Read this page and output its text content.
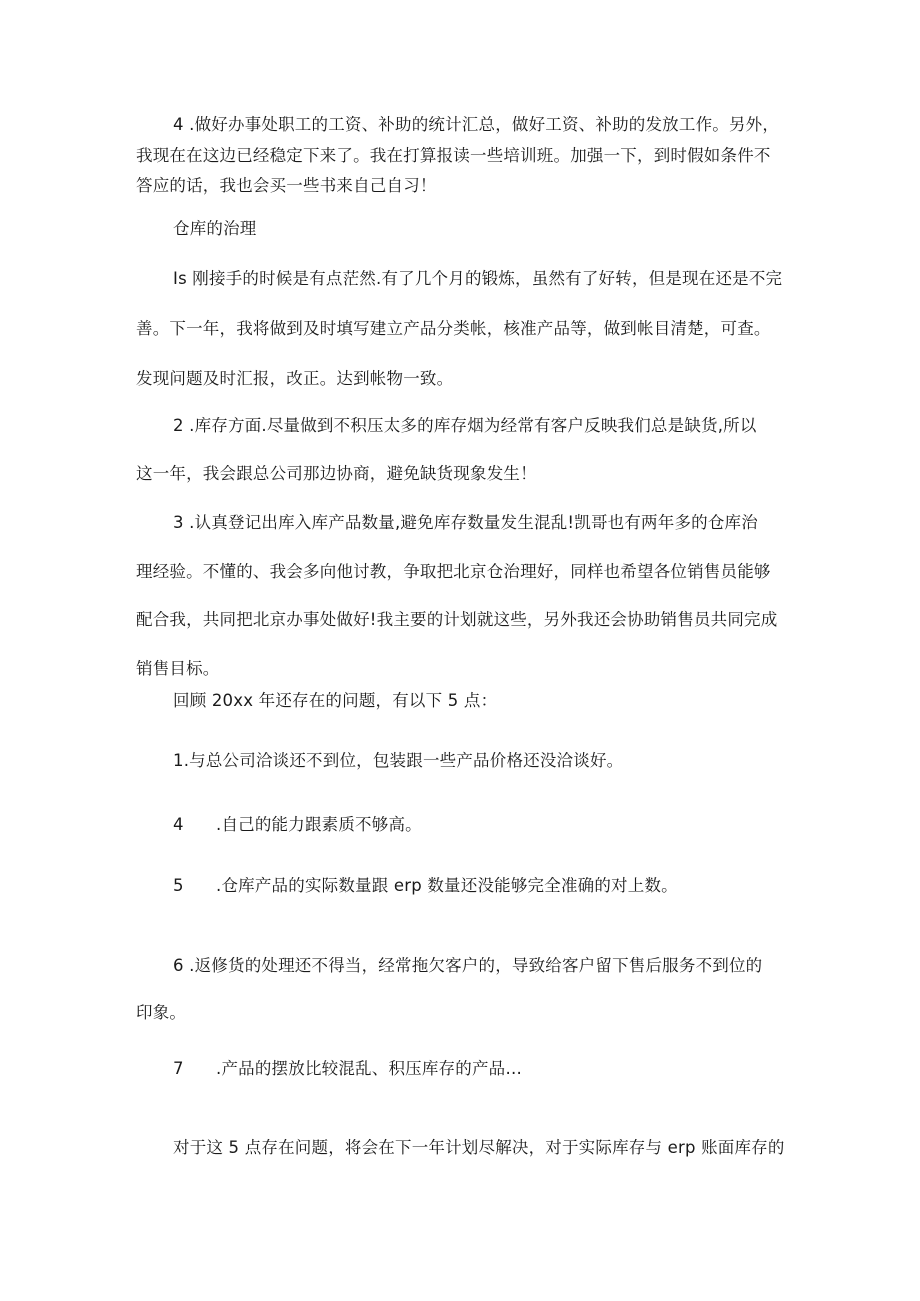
4 .做好办事处职工的工资、补助的统计汇总，做好工资、补助的发放工作。另外，
我现在在这边已经稳定下来了。我在打算报读一些培训班。加强一下，到时假如条件不
答应的话，我也会买一些书来自己自习！
仓库的治理
Is 刚接手的时候是有点茫然.有了几个月的锻炼，虽然有了好转，但是现在还是不完
善。下一年，我将做到及时填写建立产品分类帐，核准产品等，做到帐目清楚，可查。
发现问题及时汇报，改正。达到帐物一致。
2 .库存方面.尽量做到不积压太多的库存烟为经常有客户反映我们总是缺货,所以
这一年，我会跟总公司那边协商，避免缺货现象发生！
3 .认真登记出库入库产品数量,避免库存数量发生混乱!凯哥也有两年多的仓库治
理经验。不懂的、我会多向他讨教，争取把北京仓治理好，同样也希望各位销售员能够
配合我，共同把北京办事处做好!我主要的计划就这些，另外我还会协助销售员共同完成
销售目标。
回顾 20xx 年还存在的问题，有以下 5 点：
1.与总公司洽谈还不到位，包装跟一些产品价格还没洽谈好。
4 .自己的能力跟素质不够高。
5 .仓库产品的实际数量跟 erp 数量还没能够完全准确的对上数。
6 .返修货的处理还不得当，经常拖欠客户的，导致给客户留下售后服务不到位的
印象。
7 .产品的摆放比较混乱、积压库存的产品…
对于这 5 点存在问题，将会在下一年计划尽解决，对于实际库存与 erp 账面库存的
